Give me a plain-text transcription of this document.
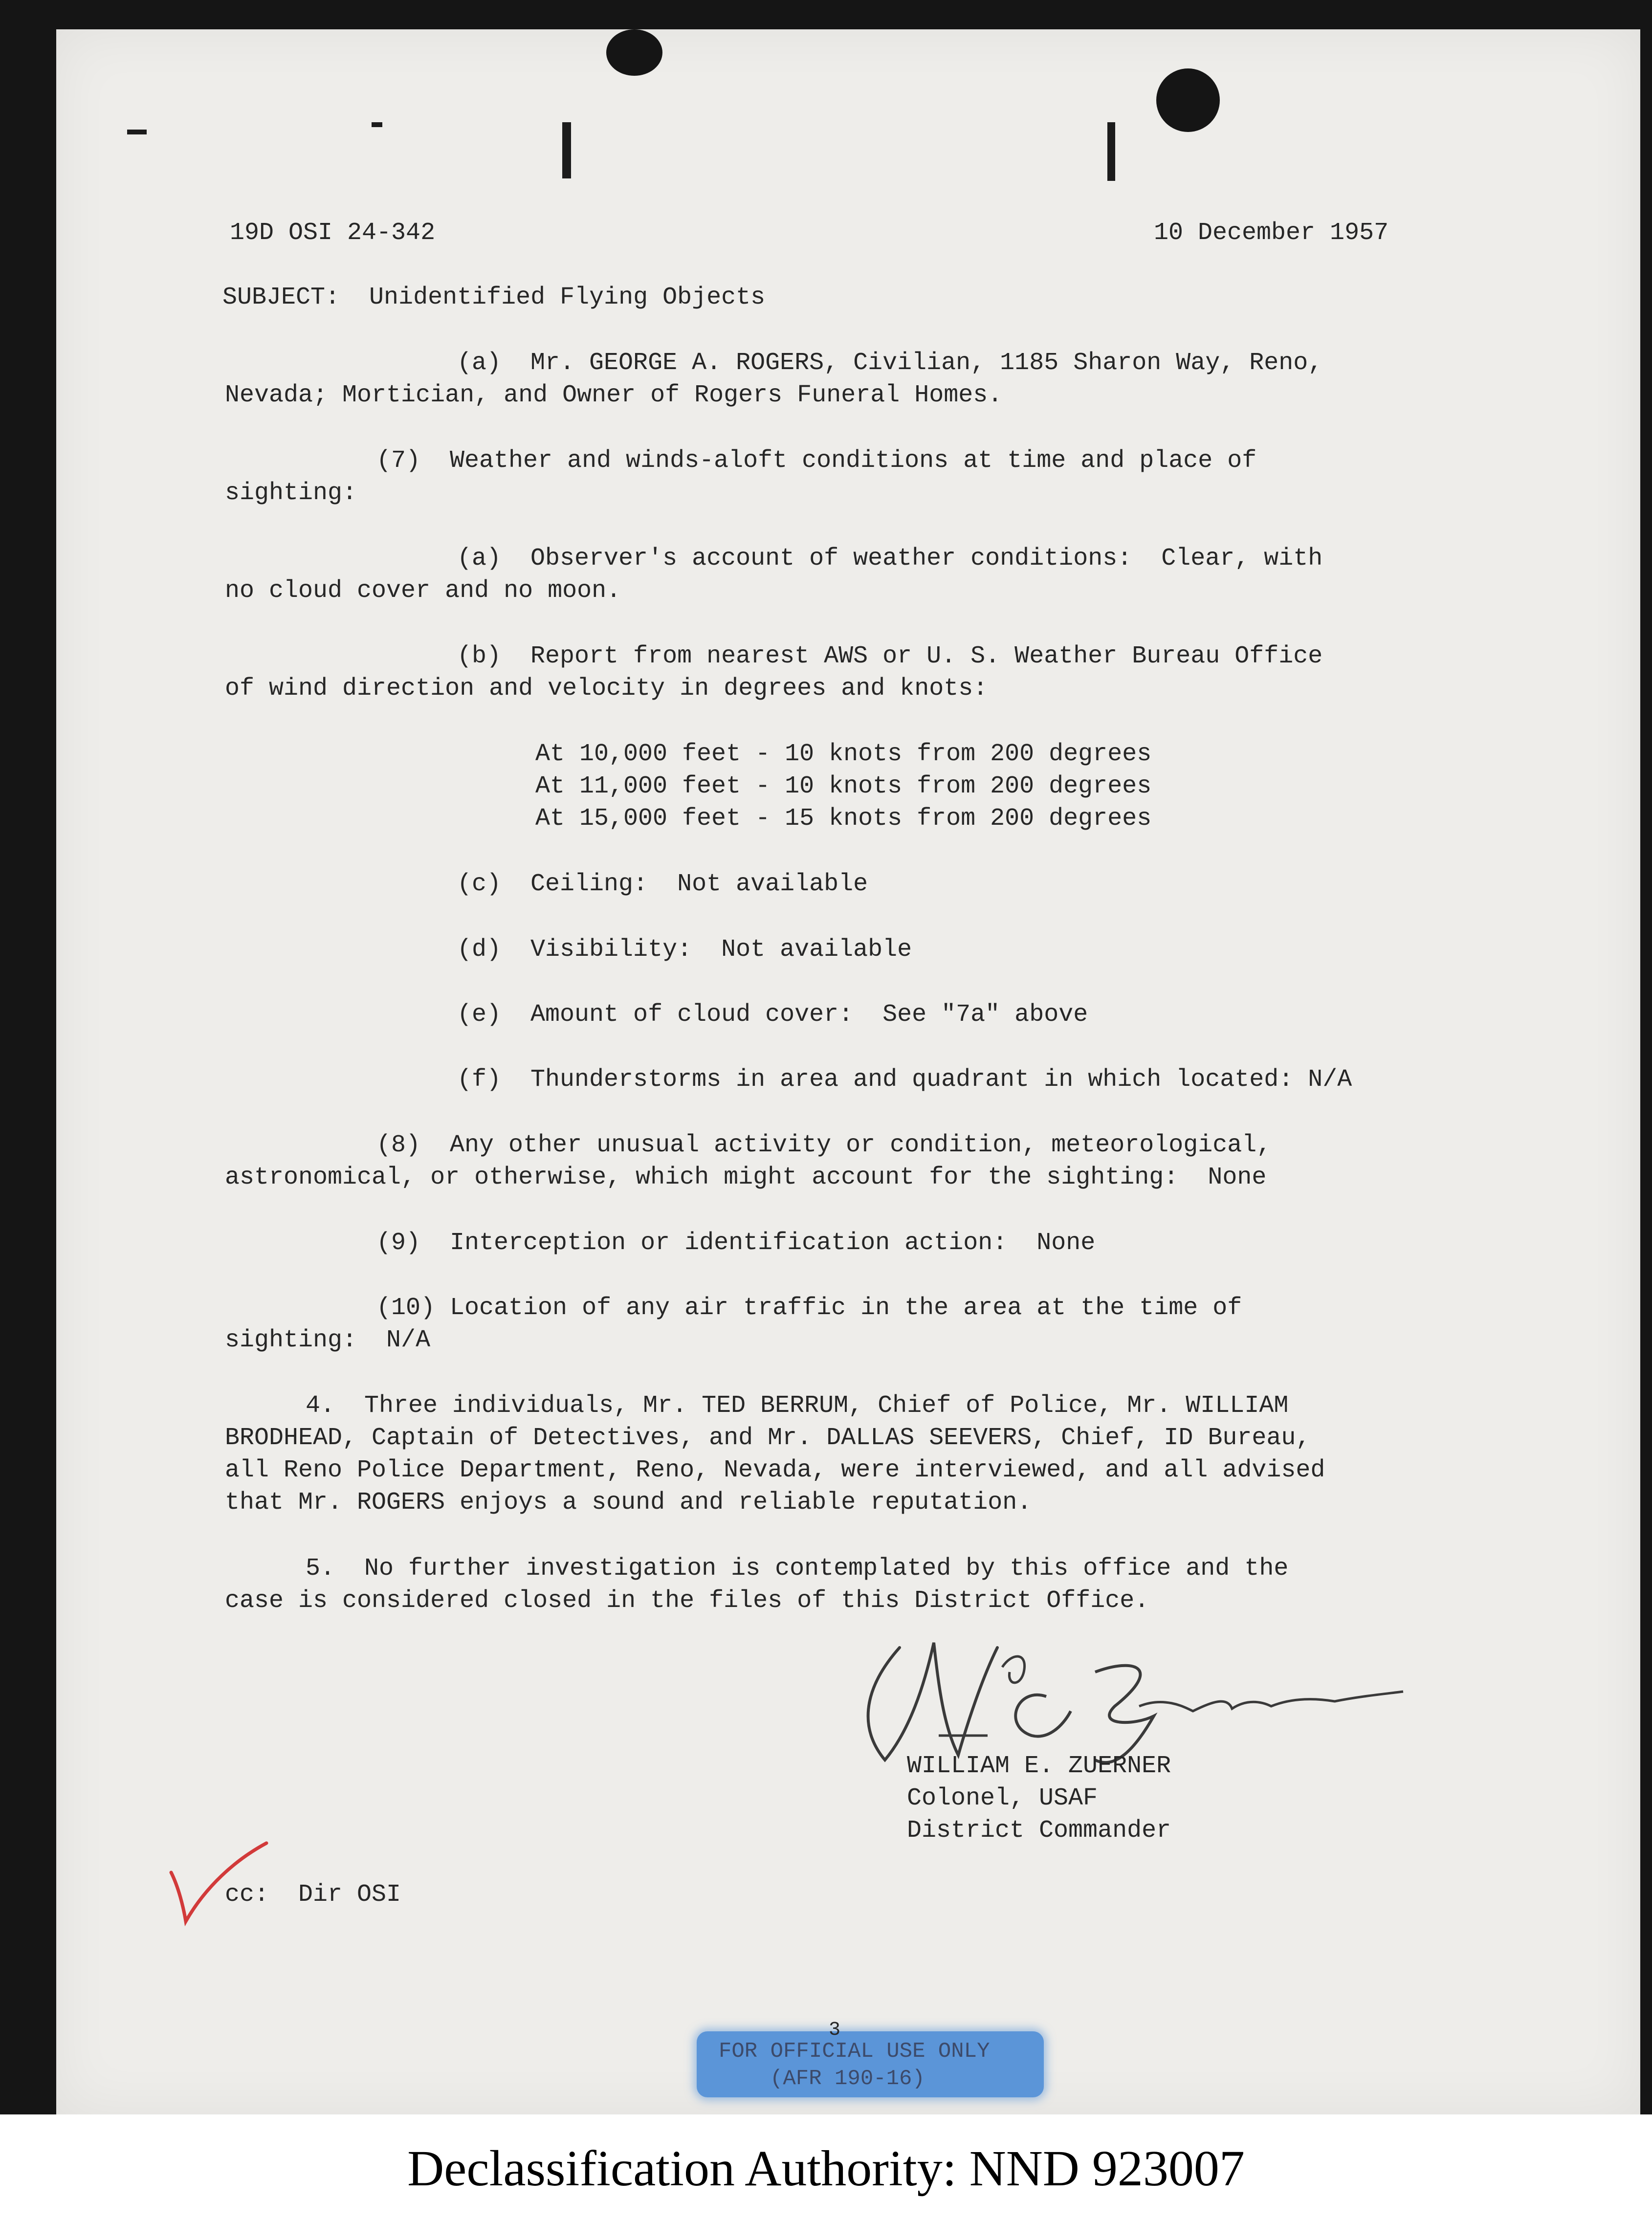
19D OSI 24-342	10 December 1957
SUBJECT:  Unidentified Flying Objects
(a)  Mr. GEORGE A. ROGERS, Civilian, 1185 Sharon Way, Reno,
Nevada; Mortician, and Owner of Rogers Funeral Homes.
(7)  Weather and winds-aloft conditions at time and place of
sighting:
(a)  Observer's account of weather conditions:  Clear, with
no cloud cover and no moon.
(b)  Report from nearest AWS or U. S. Weather Bureau Office
of wind direction and velocity in degrees and knots:
At 10,000 feet - 10 knots from 200 degrees
At 11,000 feet - 10 knots from 200 degrees
At 15,000 feet - 15 knots from 200 degrees
(c)  Ceiling:  Not available
(d)  Visibility:  Not available
(e)  Amount of cloud cover:  See "7a" above
(f)  Thunderstorms in area and quadrant in which located: N/A
(8)  Any other unusual activity or condition, meteorological,
astronomical, or otherwise, which might account for the sighting:  None
(9)  Interception or identification action:  None
(10) Location of any air traffic in the area at the time of
sighting:  N/A
4.  Three individuals, Mr. TED BERRUM, Chief of Police, Mr. WILLIAM
BRODHEAD, Captain of Detectives, and Mr. DALLAS SEEVERS, Chief, ID Bureau,
all Reno Police Department, Reno, Nevada, were interviewed, and all advised
that Mr. ROGERS enjoys a sound and reliable reputation.
5.  No further investigation is contemplated by this office and the
case is considered closed in the files of this District Office.
WILLIAM E. ZUERNER
Colonel, USAF
District Commander
cc:  Dir OSI
FOR OFFICIAL USE ONLY
(AFR 190-16)
3
Declassification Authority: NND 923007
